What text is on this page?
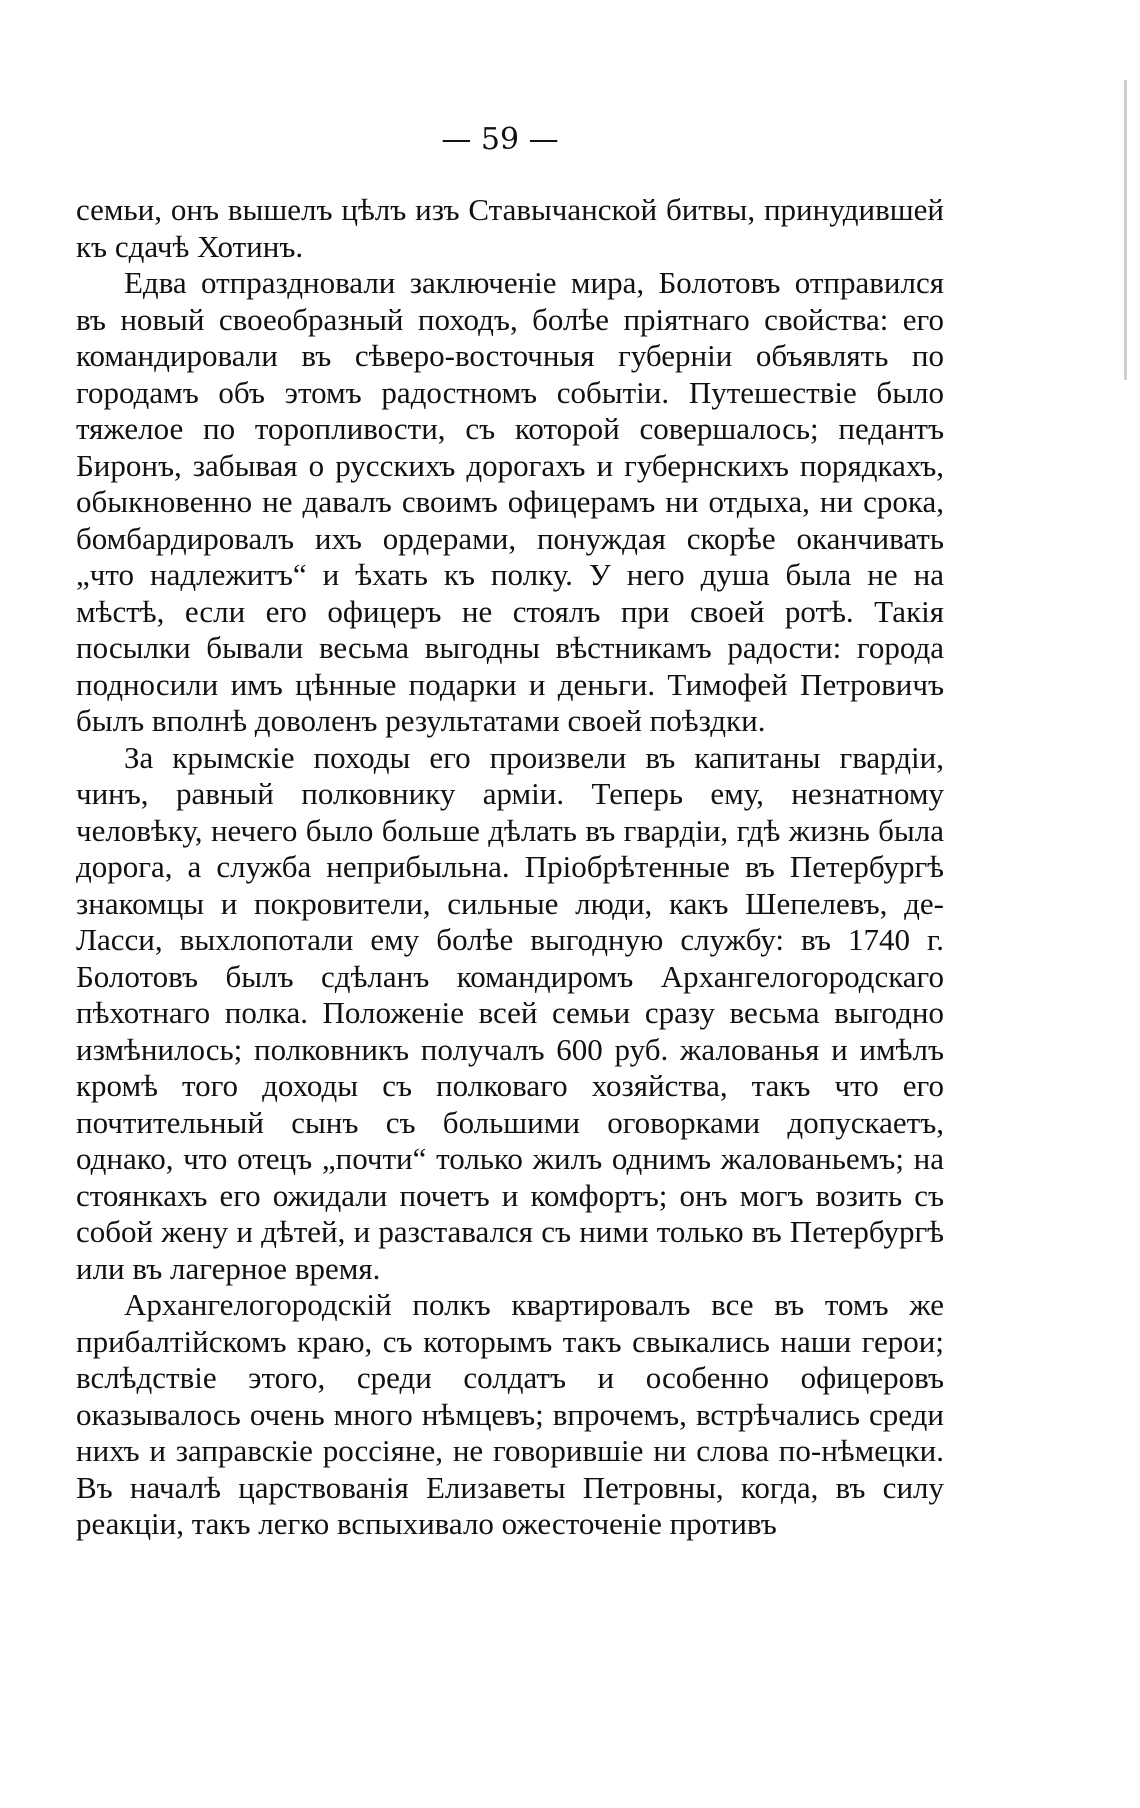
— 59 —

семьи, онъ вышелъ цѣлъ изъ Ставычанской битвы, принудившей къ сдачѣ Хотинъ.

Едва отпраздновали заключеніе мира, Болотовъ отправился въ новый своеобразный походъ, болѣе пріятнаго свойства: его командировали въ сѣверо-восточныя губерніи объявлять по городамъ объ этомъ радостномъ событіи. Путешествіе было тяжелое по торопливости, съ которой совершалось; педантъ Биронъ, забывая о русскихъ дорогахъ и губернскихъ порядкахъ, обыкновенно не давалъ своимъ офицерамъ ни отдыха, ни срока, бомбардировалъ ихъ ордерами, понуждая скорѣе оканчивать „что надлежитъ“ и ѣхать къ полку. У него душа была не на мѣстѣ, если его офицеръ не стоялъ при своей ротѣ. Такія посылки бывали весьма выгодны вѣстникамъ радости: города подносили имъ цѣнные подарки и деньги. Тимофей Петровичъ былъ вполнѣ доволенъ результатами своей поѣздки.

За крымскіе походы его произвели въ капитаны гвардіи, чинъ, равный полковнику арміи. Теперь ему, незнатному человѣку, нечего было больше дѣлать въ гвардіи, гдѣ жизнь была дорога, а служба неприбыльна. Пріобрѣтенные въ Петербургѣ знакомцы и покровители, сильные люди, какъ Шепелевъ, де-Ласси, выхлопотали ему болѣе выгодную службу: въ 1740 г. Болотовъ былъ сдѣланъ командиромъ Архангелогородскаго пѣхотнаго полка. Положеніе всей семьи сразу весьма выгодно измѣнилось; полковникъ получалъ 600 руб. жалованья и имѣлъ кромѣ того доходы съ полковаго хозяйства, такъ что его почтительный сынъ съ большими оговорками допускаетъ, однако, что отецъ „почти“ только жилъ однимъ жалованьемъ; на стоянкахъ его ожидали почетъ и комфортъ; онъ могъ возить съ собой жену и дѣтей, и разставался съ ними только въ Петербургѣ или въ лагерное время.

Архангелогородскій полкъ квартировалъ все въ томъ же прибалтійскомъ краю, съ которымъ такъ свыкались наши герои; вслѣдствіе этого, среди солдатъ и особенно офицеровъ оказывалось очень много нѣмцевъ; впрочемъ, встрѣчались среди нихъ и заправскіе россіяне, не говорившіе ни слова по-нѣмецки. Въ началѣ царствованія Елизаветы Петровны, когда, въ силу реакціи, такъ легко вспыхивало ожесточеніе противъ
